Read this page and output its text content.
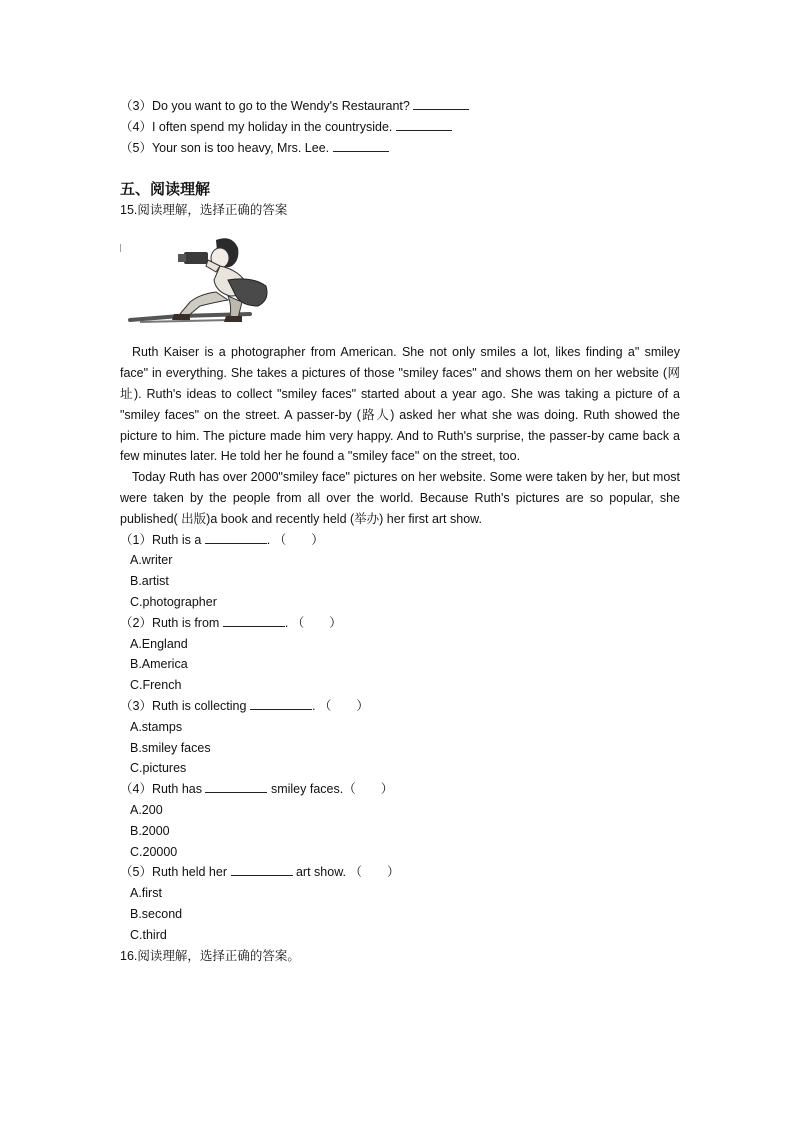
（3）Do you want to go to the Wendy's Restaurant?
（4）I often spend my holiday in the countryside.
（5）Your son is too heavy, Mrs. Lee.
五、阅读理解
15.阅读理解，选择正确的答案

Ruth Kaiser is a photographer from American. She not only smiles a lot, likes finding a" smiley face" in everything. She takes a pictures of those "smiley faces" and shows them on her website (网址). Ruth's ideas to collect "smiley faces" started about a year ago. She was taking a picture of a "smiley faces" on the street. A passer-by (路人) asked her what she was doing. Ruth showed the picture to him. The picture made him very happy. And to Ruth's surprise, the passer-by came back a few minutes later. He told her he found a "smiley face" on the street, too.

Today Ruth has over 2000"smiley face" pictures on her website. Some were taken by her, but most were taken by the people from all over the world. Because Ruth's pictures are so popular, she published( 出版)a book and recently held (举办) her first art show.

（1）Ruth is a	. （　　）
A.writer
B.artist
C.photographer
（2）Ruth is from	. （　　）
A.England
B.America
C.French
（3）Ruth is collecting	. （　　）
A.stamps
B.smiley faces
C.pictures
（4）Ruth has	smiley faces.（　　）
A.200
B.2000
C.20000
（5）Ruth held her	art show. （　　）
A.first
B.second
C.third
16.阅读理解，选择正确的答案。
